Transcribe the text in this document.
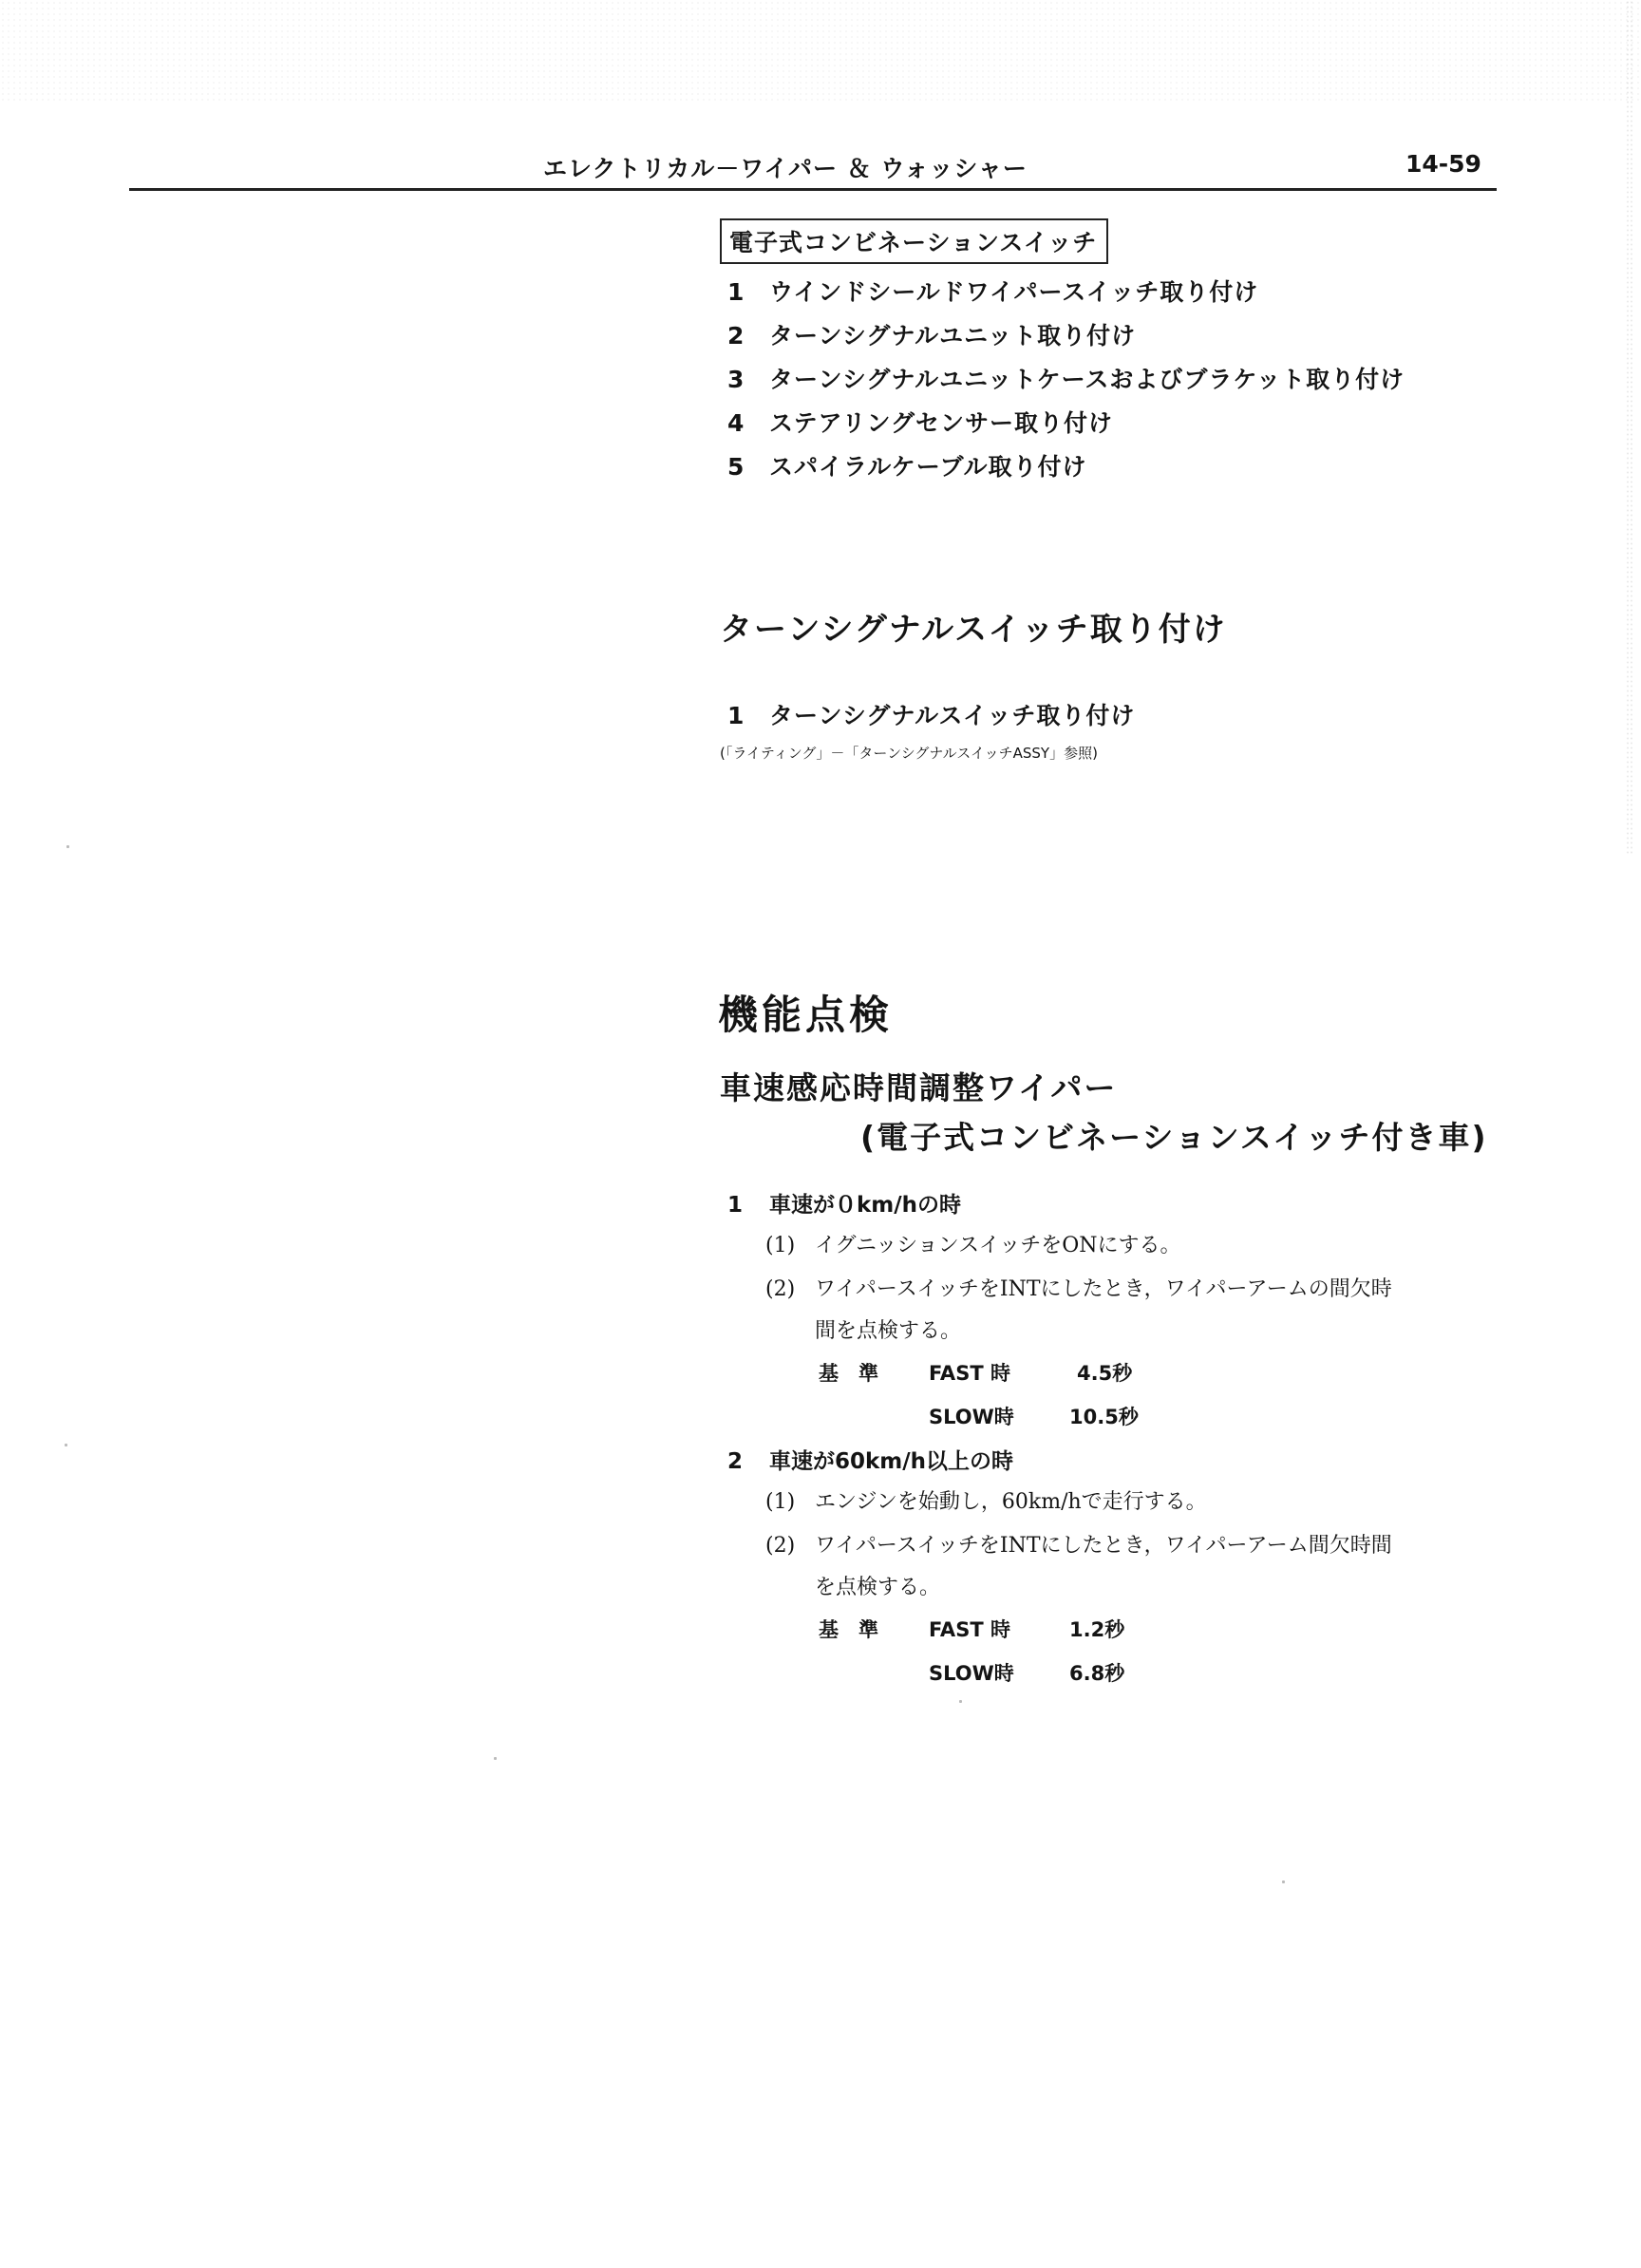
エレクトリカル－ワイパー ＆ ウォッシャー	14-59
電子式コンビネーションスイッチ
1 ウインドシールドワイパースイッチ取り付け
2 ターンシグナルユニット取り付け
3 ターンシグナルユニットケースおよびブラケット取り付け
4 ステアリングセンサー取り付け
5 スパイラルケーブル取り付け
ターンシグナルスイッチ取り付け
1 ターンシグナルスイッチ取り付け
(「ライティング」－「ターンシグナルスイッチASSY」参照)
機能点検
車速感応時間調整ワイパー
(電子式コンビネーションスイッチ付き車)
1 車速が０km/hの時
(1) イグニッションスイッチをONにする。
(2) ワイパースイッチをINTにしたとき，ワイパーアームの間欠時
間を点検する。
基　準	FAST 時	4.5秒
SLOW時	10.5秒
2 車速が60km/h以上の時
(1) エンジンを始動し，60km/hで走行する。
(2) ワイパースイッチをINTにしたとき，ワイパーアーム間欠時間
を点検する。
基　準	FAST 時	1.2秒
SLOW時	6.8秒
